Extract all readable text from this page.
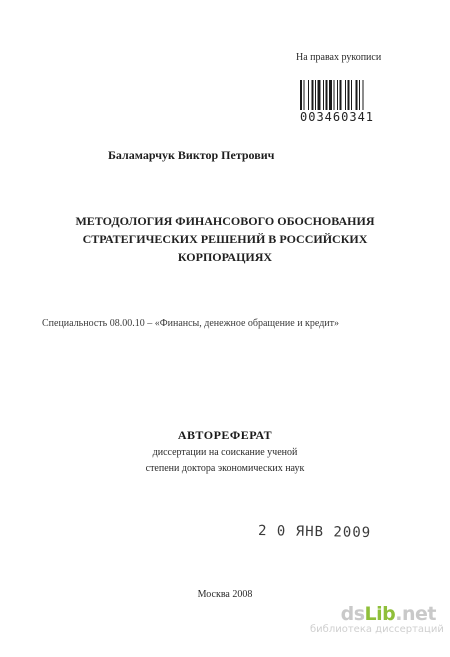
На правах рукописи
003460341
Баламарчук Виктор Петрович
МЕТОДОЛОГИЯ ФИНАНСОВОГО ОБОСНОВАНИЯ
СТРАТЕГИЧЕСКИХ РЕШЕНИЙ В РОССИЙСКИХ
КОРПОРАЦИЯХ
Специальность 08.00.10 – «Финансы, денежное обращение и кредит»
АВТОРЕФЕРАТ
диссертации на соискание ученой
степени доктора экономических наук
2 0 ЯНВ 2009
Москва 2008
dsLib.net
библиотека диссертаций
